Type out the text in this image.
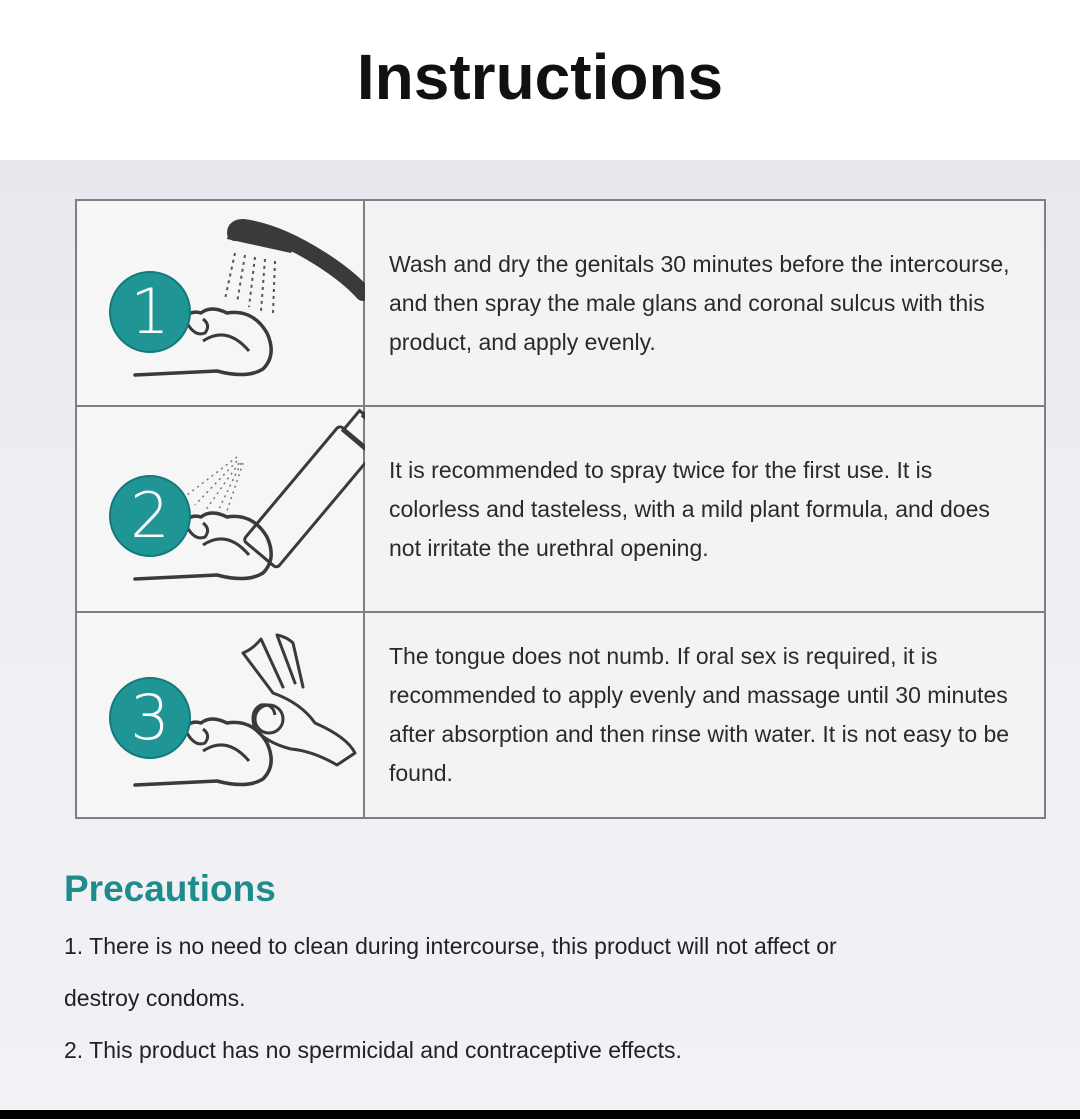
Instructions
1

Wash and dry the genitals 30 minutes before the intercourse, and then spray the male glans and coronal sulcus with this product, and apply evenly.

2

It is recommended to spray twice for the first use. It is colorless and tasteless, with a mild plant formula, and does not irritate the urethral opening.

3

The tongue does not numb. If oral sex is required, it is recommended to apply evenly and massage until 30 minutes after absorption and then rinse with water. It is not easy to be found.

Precautions

1. There is no need to clean during intercourse, this product will not affect or

destroy condoms.

2. This product has no spermicidal and contraceptive effects.
